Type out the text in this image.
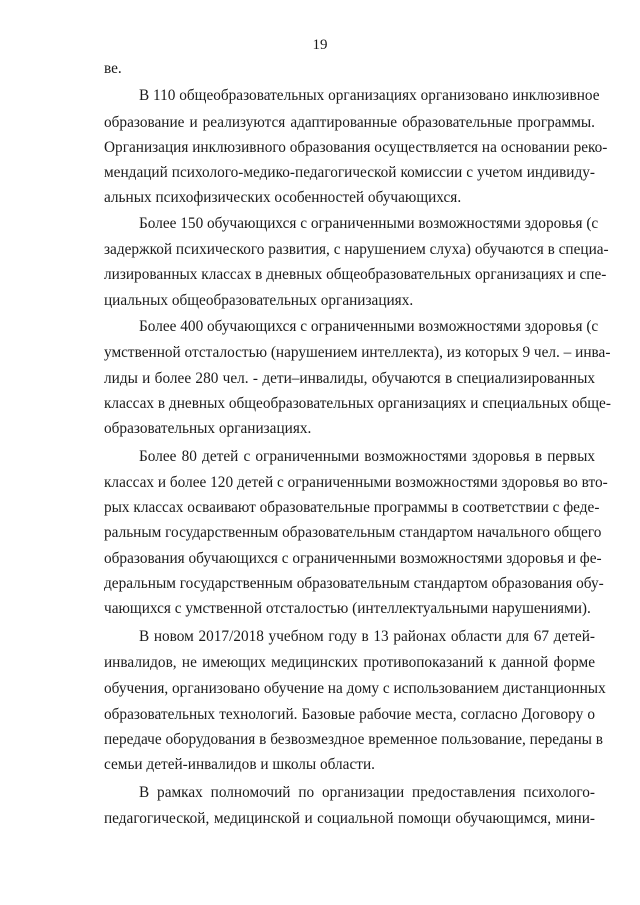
19
ве.
В 110 общеобразовательных организациях организовано инклюзивное
образование и реализуются адаптированные образовательные программы.
Организация инклюзивного образования осуществляется на основании реко-
мендаций психолого-медико-педагогической комиссии с учетом индивиду-
альных психофизических особенностей обучающихся.
Более 150 обучающихся с ограниченными возможностями здоровья (с
задержкой психического развития, с нарушением слуха) обучаются в специа-
лизированных классах в дневных общеобразовательных организациях и спе-
циальных общеобразовательных организациях.
Более 400 обучающихся с ограниченными возможностями здоровья (с
умственной отсталостью (нарушением интеллекта), из которых 9 чел. – инва-
лиды и более 280 чел. - дети–инвалиды, обучаются в специализированных
классах в дневных общеобразовательных организациях и специальных обще-
образовательных организациях.
Более 80 детей с ограниченными возможностями здоровья в первых
классах и более 120 детей с ограниченными возможностями здоровья во вто-
рых классах осваивают образовательные программы в соответствии с феде-
ральным государственным образовательным стандартом начального общего
образования обучающихся с ограниченными возможностями здоровья и фе-
деральным государственным образовательным стандартом образования обу-
чающихся с умственной отсталостью (интеллектуальными нарушениями).
В новом 2017/2018 учебном году в 13 районах области для 67 детей-
инвалидов, не имеющих медицинских противопоказаний к данной форме
обучения, организовано обучение на дому с использованием дистанционных
образовательных технологий. Базовые рабочие места, согласно Договору о
передаче оборудования в безвозмездное временное пользование, переданы в
семьи детей-инвалидов и школы области.
В рамках полномочий по организации предоставления психолого-
педагогической, медицинской и социальной помощи обучающимся, мини-
